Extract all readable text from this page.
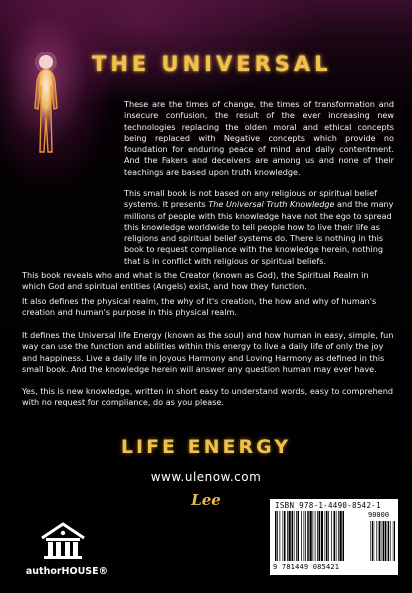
THE UNIVERSAL
These are the times of change, the times of transformation and insecure confusion, the result of the ever increasing new technologies replacing the olden moral and ethical concepts being replaced with Negative concepts which provide no foundation for enduring peace of mind and daily contentment. And the Fakers and deceivers are among us and none of their teachings are based upon truth knowledge.
This small book is not based on any religious or spiritual belief systems. It presents The Universal Truth Knowledge and the many millions of people with this knowledge have not the ego to spread this knowledge worldwide to tell people how to live their life as religions and spiritual belief systems do. There is nothing in this book to request compliance with the knowledge herein, nothing that is in conflict with religious or spiritual beliefs.
This book reveals who and what is the Creator (known as God), the Spiritual Realm in which God and spiritual entities (Angels) exist, and how they function.
It also defines the physical realm, the why of it's creation, the how and why of human's creation and human's purpose in this physical realm.
It defines the Universal life Energy (known as the soul) and how human in easy, simple, fun way can use the function and abilities within this energy to live a daily life of only the joy and happiness. Live a daily life in Joyous Harmony and Loving Harmony as defined in this small book. And the knowledge herein will answer any question human may ever have.
Yes, this is new knowledge, written in short easy to understand words, easy to comprehend with no request for compliance, do as you please.
LIFE ENERGY
www.ulenow.com
Lee
authorHOUSE®
ISBN 978-1-4490-8542-1
90000
9 781449 085421
